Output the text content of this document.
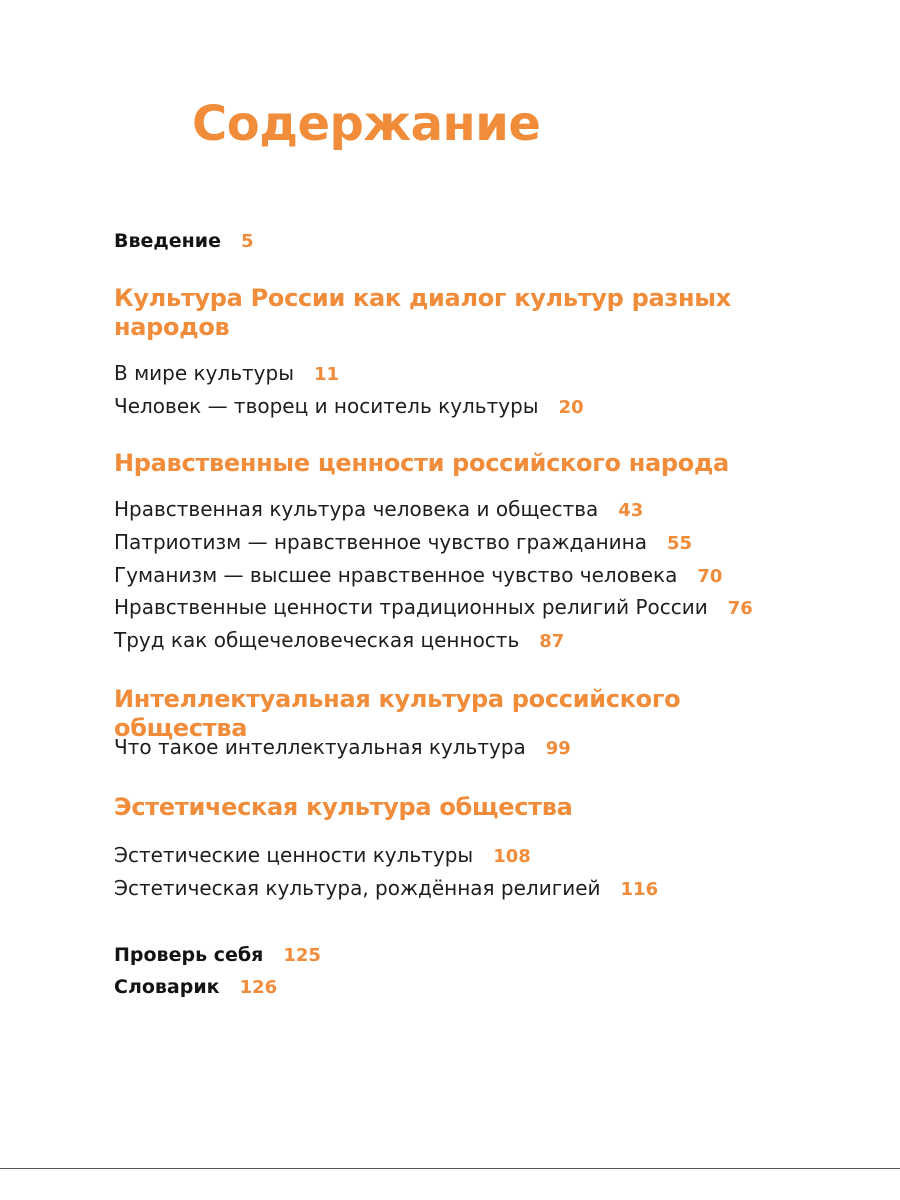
Содержание
Введение 5
Культура России как диалог культур разных народов
В мире культуры 11
Человек — творец и носитель культуры 20
Нравственные ценности российского народа
Нравственная культура человека и общества 43
Патриотизм — нравственное чувство гражданина 55
Гуманизм — высшее нравственное чувство человека 70
Нравственные ценности традиционных религий России 76
Труд как общечеловеческая ценность 87
Интеллектуальная культура российского общества
Что такое интеллектуальная культура 99
Эстетическая культура общества
Эстетические ценности культуры 108
Эстетическая культура, рождённая религией 116
Проверь себя 125
Словарик 126
